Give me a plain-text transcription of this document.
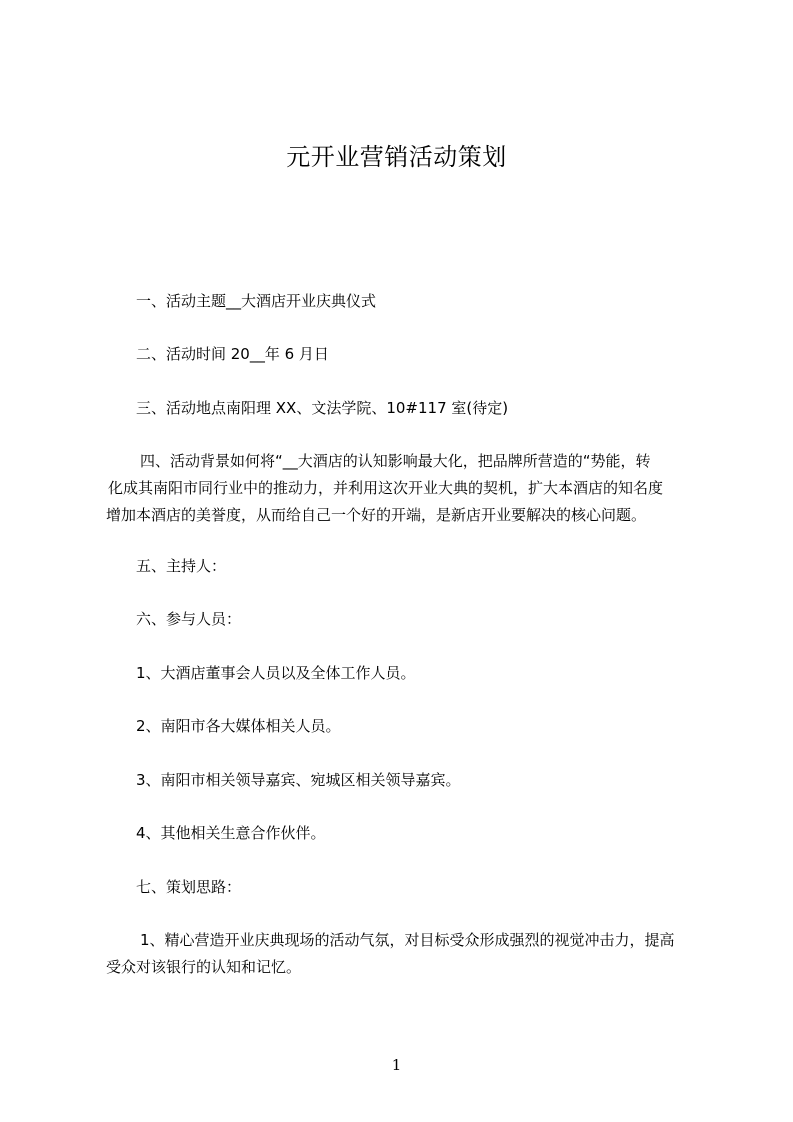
元开业营销活动策划
一、活动主题__大酒店开业庆典仪式
二、活动时间 20__年 6 月日
三、活动地点南阳理 XX、文法学院、10#117 室(待定)
四、活动背景如何将“__大酒店的认知影响最大化，把品牌所营造的“势能，转
化成其南阳市同行业中的推动力，并利用这次开业大典的契机，扩大本酒店的知名度
增加本酒店的美誉度，从而给自己一个好的开端，是新店开业要解决的核心问题。
五、主持人：
六、参与人员：
1、大酒店董事会人员以及全体工作人员。
2、南阳市各大媒体相关人员。
3、南阳市相关领导嘉宾、宛城区相关领导嘉宾。
4、其他相关生意合作伙伴。
七、策划思路：
1、精心营造开业庆典现场的活动气氛，对目标受众形成强烈的视觉冲击力，提高
受众对该银行的认知和记忆。
1
